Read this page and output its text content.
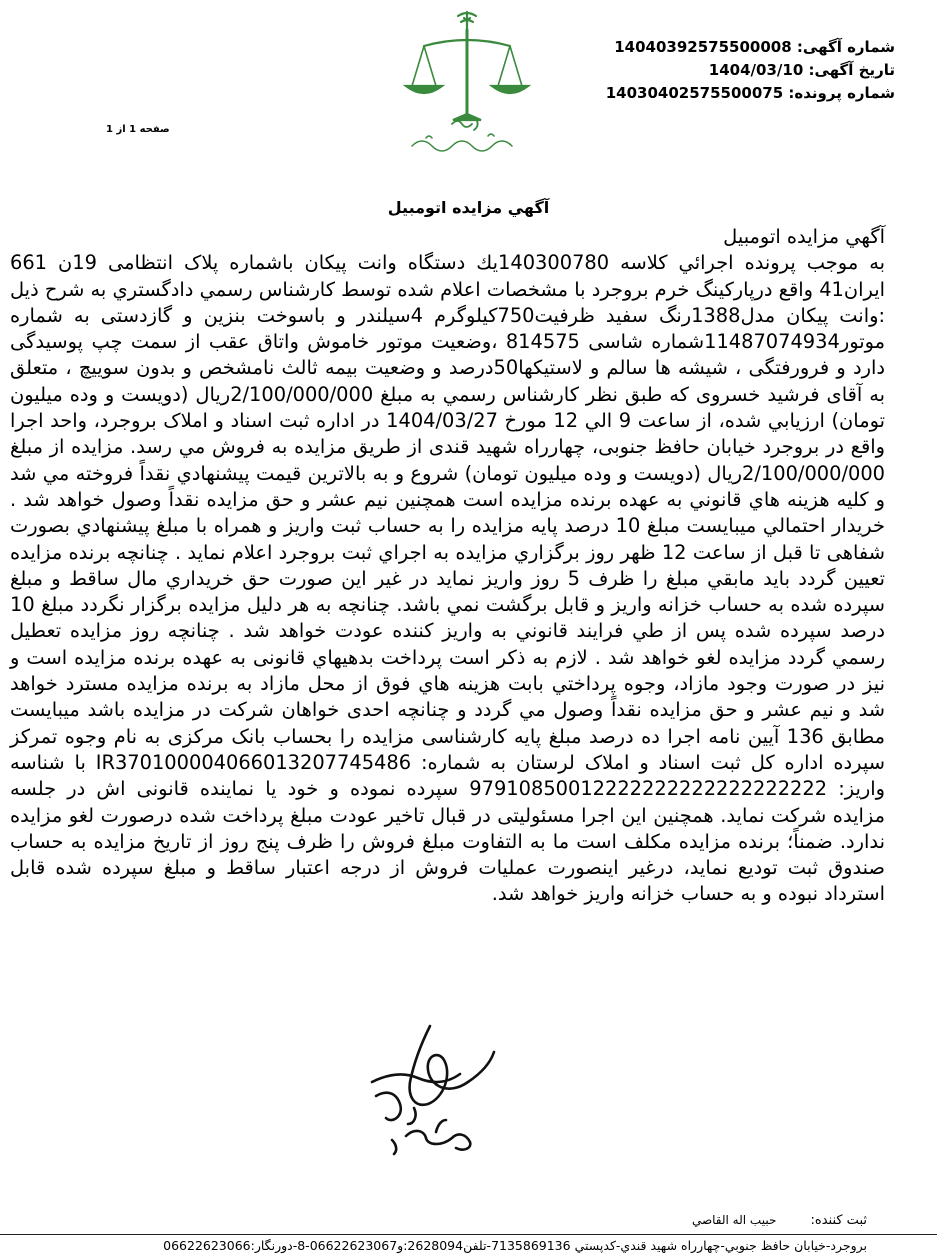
شماره آگهی: 14040392575500008
تاریخ آگهی: 1404/03/10
شماره پرونده: 14030402575500075
صفحه 1 از 1
آگهي مزايده اتومبيل
آگهي مزايده اتومبيل
به موجب پرونده اجرائي كلاسه 140300780يك دستگاه وانت پيكان باشماره پلاک انتظامی 19ن 661 ايران41 واقع درپارکینگ خرم بروجرد با مشخصات اعلام شده توسط كارشناس رسمي دادگستري به شرح ذيل :وانت پیکان مدل1388رنگ سفید ظرفیت750کیلوگرم 4سیلندر و باسوخت بنزین و گازدستی به شماره موتور11487074934شماره شاسی 814575 ،وضعیت موتور خاموش واتاق عقب از سمت چپ پوسیدگی دارد و فرورفتگی ، شیشه ها سالم و لاستیکها50درصد و وضعیت بیمه ثالث نامشخص و بدون سوییچ ، متعلق به آقای فرشید خسروی كه طبق نظر كارشناس رسمي به مبلغ 2/100/000/000ريال (دویست و وده میلیون تومان) ارزيابي شده، از ساعت 9 الي 12 مورخ 1404/03/27 در اداره ثبت اسناد و املاک بروجرد، واحد اجرا واقع در بروجرد خیابان حافظ جنوبی، چهارراه شهید قندی از طريق مزايده به فروش مي رسد. مزايده از مبلغ 2/100/000/000ريال (دویست و وده میلیون تومان) شروع و به بالاترين قيمت پيشنهادي نقداً فروخته مي شد و كليه هزينه هاي قانوني به عهده برنده مزايده است همچنين نيم عشر و حق مزايده نقداً وصول خواهد شد . خريدار احتمالي ميبايست مبلغ 10 درصد پايه مزايده را به حساب ثبت واريز و همراه با مبلغ پيشنهادي بصورت شفاهی تا قبل از ساعت 12 ظهر روز برگزاري مزايده به اجراي ثبت بروجرد اعلام نمايد . چنانچه برنده مزايده تعيين گردد بايد مابقي مبلغ را ظرف 5 روز واريز نمايد در غير اين صورت حق خريداري مال ساقط و مبلغ سپرده شده به حساب خزانه واريز و قابل برگشت نمي باشد. چنانچه به هر دليل مزايده برگزار نگردد مبلغ 10 درصد سپرده شده پس از طي فرايند قانوني به واريز كننده عودت خواهد شد . چنانچه روز مزايده تعطيل رسمي گردد مزايده لغو خواهد شد . لازم به ذكر است پرداخت بدهيهاي قانونی به عهده برنده مزايده است و نيز در صورت وجود مازاد، وجوه پرداختي بابت هزينه هاي فوق از محل مازاد به برنده مزايده مسترد خواهد شد و نیم عشر و حق مزایده نقداً وصول مي گردد و چنانچه احدی خواهان شرکت در مزایده باشد میبایست مطابق 136 آیین نامه اجرا ده درصد مبلغ پایه کارشناسی مزایده را بحساب بانک مرکزی به نام وجوه تمرکز سپرده اداره کل ثبت اسناد و املاک لرستان به شماره: IR370100004066013207745486 با شناسه واریز: 97910850012222222222222222222 سپرده نموده و خود یا نماینده قانونی اش در جلسه مزایده شرکت نماید. همچنین این اجرا مسئولیتی در قبال تاخیر عودت مبلغ پرداخت شده درصورت لغو مزایده ندارد. ضمناً؛ برنده مزایده مکلف است ما به التفاوت مبلغ فروش را ظرف پنج روز از تاریخ مزایده به حساب صندوق ثبت تودیع نماید، درغیر اینصورت عملیات فروش از درجه اعتبار ساقط و مبلغ سپرده شده قابل استرداد نبوده و به حساب خزانه واریز خواهد شد.
ثبت كننده: حبيب اله القاصي
بروجرد-خيابان حافظ جنوبي-چهارراه شهيد قندي-كدپستي 7135869136-تلفن2628094:و06622623067-8-دورنگار:06622623066
